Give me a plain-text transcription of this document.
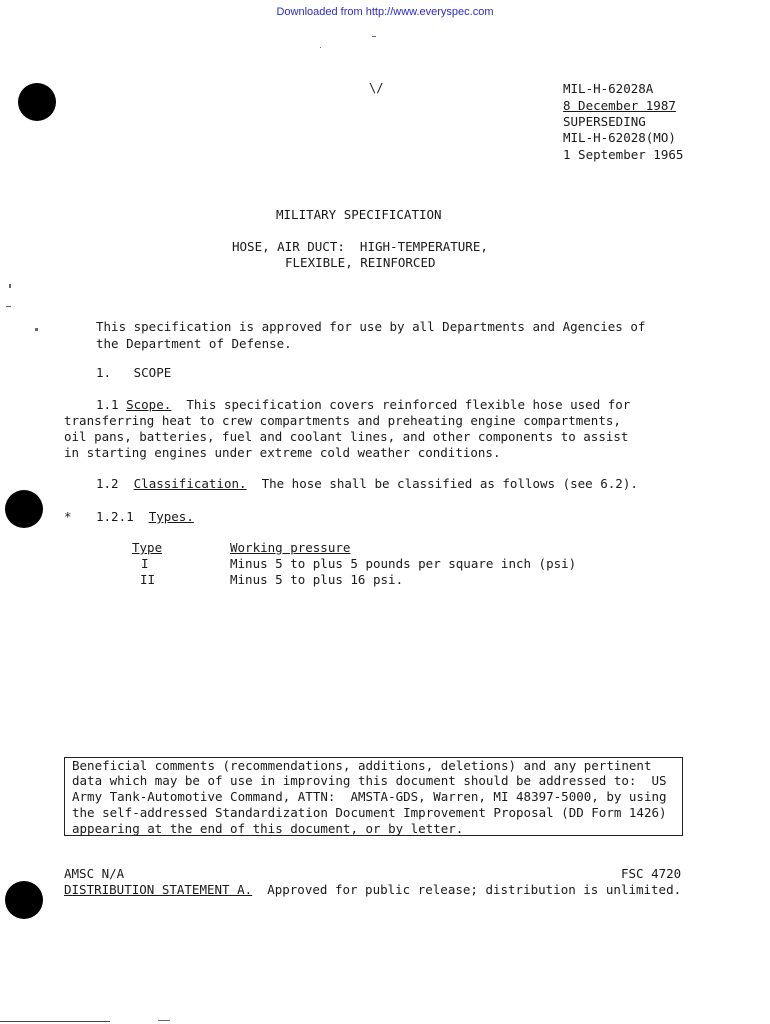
Downloaded from http://www.everyspec.com
\/	MIL-H-62028A
8 December 1987
SUPERSEDING
MIL-H-62028(MO)
1 September 1965
MILITARY SPECIFICATION
HOSE, AIR DUCT:  HIGH-TEMPERATURE,
FLEXIBLE, REINFORCED
This specification is approved for use by all Departments and Agencies of
the Department of Defense.
1.   SCOPE
1.1 Scope.  This specification covers reinforced flexible hose used for
transferring heat to crew compartments and preheating engine compartments,
oil pans, batteries, fuel and coolant lines, and other components to assist
in starting engines under extreme cold weather conditions.
1.2  Classification.  The hose shall be classified as follows (see 6.2).
* 1.2.1  Types.
Type	Working pressure
I	Minus 5 to plus 5 pounds per square inch (psi)
II	Minus 5 to plus 16 psi.
Beneficial comments (recommendations, additions, deletions) and any pertinent
data which may be of use in improving this document should be addressed to:  US
Army Tank-Automotive Command, ATTN:  AMSTA-GDS, Warren, MI 48397-5000, by using
the self-addressed Standardization Document Improvement Proposal (DD Form 1426)
appearing at the end of this document, or by letter.
AMSC N/A	FSC 4720
DISTRIBUTION STATEMENT A.  Approved for public release; distribution is unlimited.
